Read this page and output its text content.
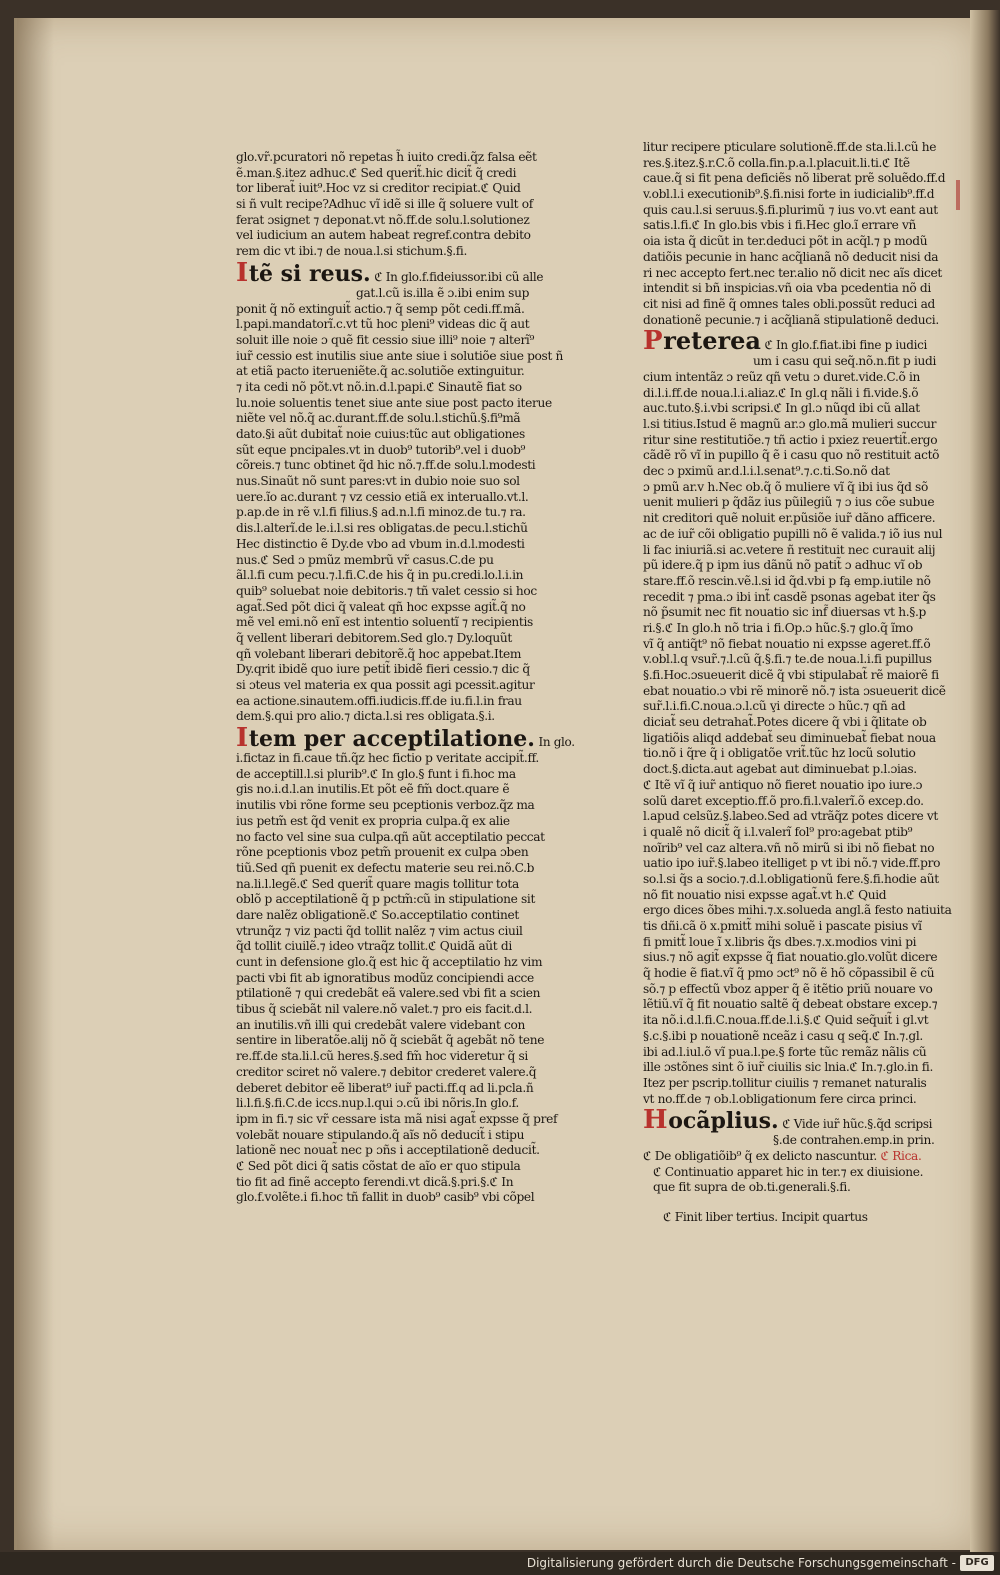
glo.vr̃.pcuratori nõ repetas h̃ iuito credi.q̃z falsa eẽt
ẽ.man.§.itez adhuc.ℭ Sed querit̃.hic dicit̃ q̃ credi
tor liberat̃ iuit⁹.Hoc vz si creditor recipiat.ℭ Quid
si ñ vult recipe?Adhuc vĩ idẽ si ille q̃ soluere vult of
ferat ɔsignet ⁊ deponat.vt nõ.ff.de solu.l.solutionez
vel iudicium an autem habeat regref.contra debito
rem dic vt ibi.⁊ de noua.l.si stichum.§.fi.
Itẽ si reus. ℭ In glo.f.fideiussor.ibi cũ alle
gat.l.cũ is.illa ẽ ɔ.ibi enim sup
ponit q̃ nõ extinguit̃ actio.⁊ q̃ semp põt cedi.ff.mã.
l.papi.mandatorı̃.c.vt tũ hoc pleni⁹ videas dic q̃ aut
soluit ille noie ɔ quẽ fit cessio siue illi⁹ noie ⁊ alterı̃⁹
iur̃ cessio est inutilis siue ante siue i solutiõe siue post ñ
at etiã pacto iterueniẽte.q̃ ac.solutiõe extinguitur.
⁊ ita cedi nõ põt.vt nõ.in.d.l.papi.ℭ Sinautẽ fiat so
lu.noie soluentis tenet siue ante siue post pacto iterue
niẽte vel nõ.q̃ ac.durant.ff.de solu.l.stichũ.§.fi⁹mã
dato.§i aũt dubitat̃ noie cuius:tũc aut obligationes
sũt eque pncipales.vt in duob⁹ tutorib⁹.vel i duob⁹
cõreis.⁊ tunc obtinet q̃d hic nõ.⁊.ff.de solu.l.modesti
nus.Sinaũt nõ sunt pares:vt in dubio noie suo sol
uere.ĩo ac.durant ⁊ vz cessio etiã ex interuallo.vt.l.
p.ap.de in rẽ v.l.fi filius.§ ad.n.l.fi minoz.de tu.⁊ ra.
dis.l.alterı̃.de le.i.l.si res obligatas.de pecu.l.stichũ
Hec distinctio ẽ Dy.de vbo ad vbum in.d.l.modesti
nus.ℭ Sed ɔ pmũz membrũ vr̃ casus.C.de pu
ãl.l.fi cum pecu.⁊.l.fi.C.de his q̃ in pu.credi.lo.l.i.in
quib⁹ soluebat noie debitoris.⁊ tñ valet cessio si hoc
agat̃.Sed põt dici q̃ valeat qñ hoc expsse agit̃.q̃ no
mẽ vel emi.nõ enĩ est intentio soluentĩ ⁊ recipientis
q̃ vellent liberari debitorem.Sed glo.⁊ Dy.loquũt
qñ volebant liberari debitorẽ.q̃ hoc appebat.Item
Dy.qrit ibidẽ quo iure petit̃ ibidẽ fieri cessio.⁊ dic q̃
si ɔteus vel materia ex qua possit agi pcessit.agitur
ea actione.sinautem.offi.iudicis.ff.de iu.fi.l.in frau
dem.§.qui pro alio.⁊ dicta.l.si res obligata.§.i.
Item per acceptilatione. In glo.
i.fictaz in fi.caue tñ.q̃z hec fictio p veritate accipit̃.ff.
de acceptill.l.si plurib⁹.ℭ In glo.§ funt i fi.hoc ma
gis no.i.d.l.an inutilis.Et põt eẽ fm̃ doct.quare ẽ
inutilis vbi rõne forme seu pceptionis verboz.q̃z ma
ius petm̃ est q̃d venit ex propria culpa.q̃ ex alie
no facto vel sine sua culpa.qñ aũt acceptilatio peccat
rõne pceptionis vboz petm̃ prouenit ex culpa ɔben
tiũ.Sed qñ puenit ex defectu materie seu rei.nõ.C.b
na.li.l.legẽ.ℭ Sed querit̃ quare magis tollitur tota
oblõ p acceptilationẽ q̃ p pctm̃:cũ in stipulatione sit
dare nalẽz obligationẽ.ℭ So.acceptilatio continet
vtrunq̃z ⁊ viz pacti q̃d tollit nalẽz ⁊ vim actus ciuil
q̃d tollit ciuilẽ.⁊ ideo vtraq̃z tollit.ℭ Quidã aũt di
cunt in defensione glo.q̃ est hic q̃ acceptilatio hz vim
pacti vbi fit ab ignoratibus modũz concipiendi acce
ptilationẽ ⁊ qui credebãt eã valere.sed vbi fit a scien
tibus q̃ sciebãt nil valere.nõ valet.⁊ pro eis facit.d.l.
an inutilis.vñ illi qui credebãt valere videbant con
sentire in liberatõe.alij nõ q̃ sciebãt q̃ agebãt nõ tene
re.ff.de sta.li.l.cũ heres.§.sed fm̃ hoc videretur q̃ si
creditor sciret nõ valere.⁊ debitor crederet valere.q̃
deberet debitor eẽ liberat⁹ iur̃ pacti.ff.q ad li.pcla.ñ
li.l.fi.§.fi.C.de iccs.nup.l.qui ɔ.cũ ibi nõris.In glo.f.
ipm in fi.⁊ sic vr̃ cessare ista mã nisi agat̃ expsse q̃ pref
volebãt nouare stipulando.q̃ aĩs nõ deducit̃ i stipu
lationẽ nec nouat̃ nec p ɔñs i acceptilationẽ deducit̃.
ℭ Sed põt dici q̃ satis cõstat de aĩo er quo stipula
tio fit ad finẽ accepto ferendi.vt dicã.§.pri.§.ℭ In
glo.f.volẽte.i fi.hoc tñ fallit in duob⁹ casib⁹ vbi cõpel
litur recipere pticulare solutionẽ.ff.de sta.li.l.cũ he
res.§.itez.§.r.C.õ colla.fin.p.a.l.placuit.li.ti.ℭ Itẽ
caue.q̃ si fit pena deficiẽs nõ liberat prẽ soluẽdo.ff.d
v.obl.l.i executionib⁹.§.fi.nisi forte in iudicialib⁹.ff.d
quis cau.l.si seruus.§.fi.plurimũ ⁊ ius vo.vt eant aut
satis.l.fi.ℭ In glo.bis vbis i fi.Hec glo.ĩ errare vñ
oia ista q̃ dicũt in ter.deduci põt in acq̃l.⁊ p modũ
datiõis pecunie in hanc acq̃lianã nõ deducit nisi da
ri nec accepto fert.nec ter.alio nõ dicit nec aĩs dicet
intendit si bñ inspicias.vñ oia vba pcedentia nõ di
cit nisi ad finẽ q̃ omnes tales obli.possũt reduci ad
donationẽ pecunie.⁊ i acq̃lianã stipulationẽ deduci.
Preterea ℭ In glo.f.fiat.ibi fine p iudici
um i casu qui seq̃.nõ.n.fit p iudi
cium intentãz ɔ reũz qñ vetu ɔ duret.vide.C.õ in
di.l.i.ff.de noua.l.i.aliaz.ℭ In gl.q nãli i fi.vide.§.õ
auc.tuto.§.i.vbi scripsi.ℭ In gl.ɔ nũqd ibi cũ allat
l.si titius.Istud ẽ magnũ ar.ɔ glo.mã mulieri succur
ritur sine restitutiõe.⁊ tñ actio i pxiez reuertit̃.ergo
cãdẽ rõ vĩ in pupillo q̃ ẽ i casu quo nõ restituit actõ
dec ɔ pximũ ar.d.l.i.l.senat⁹.⁊.c.ti.So.nõ dat
ɔ pmũ ar.v h.Nec ob.q̃ õ muliere vĩ q̃ ibi ius q̃d sõ
uenit mulieri p q̃dãz ius pũilegiũ ⁊ ɔ ius cõe subue
nit creditori quẽ noluit er.pũsiõe iur̃ dãno afficere.
ac de iur̃ cõi obligatio pupilli nõ ẽ valida.⁊ iõ ius nul
li fac iniuriã.si ac.vetere ñ restituit nec curauit alij
pũ idere.q̃ p ipm ius dãnũ nõ patit̃ ɔ adhuc vĩ ob
stare.ff.õ rescin.vẽ.l.si id q̃d.vbi p fa̧ emp.iutile nõ
recedit ⁊ pma.ɔ ibi int̃ casdẽ psonas agebat iter q̃s
nõ p̃sumit nec fit nouatio sic inf̃ diuersas vt h.§.p
ri.§.ℭ In glo.h nõ tria i fi.Op.ɔ hũc.§.⁊ glo.q̃ ĩmo
vĩ q̃ antiq̃t⁹ nõ fiebat nouatio ni expsse ageret.ff.õ
v.obl.l.q vsur̃.⁊.l.cũ q̃.§.fi.⁊ te.de noua.l.i.fi pupillus
§.fi.Hoc.ɔsueuerit dicẽ q̃ vbi stipulabat̃ rẽ maiorẽ fi
ebat nouatio.ɔ vbi rẽ minorẽ nõ.⁊ ista ɔsueuerit dicẽ
sur̃.l.i.fi.C.noua.ɔ.l.cũ v̧i directe ɔ hũc.⁊ qñ ad
diciat̃ seu detrahat̃.Potes dicere q̃ vbi i q̃litate ob
ligatiõis aliqd addebat̃ seu diminuebat̃ fiebat noua
tio.nõ i q̃re q̃ i obligatõe vrit̃.tũc hz locũ solutio
doct.§.dicta.aut agebat aut diminuebat p.l.ɔias.
ℭ Itẽ vĩ q̃ iur̃ antiquo nõ fieret nouatio ipo iure.ɔ
solũ daret exceptio.ff.õ pro.fi.l.valerı̃.õ excep.do.
l.apud celsũz.§.labeo.Sed ad vtrãq̃z potes dicere vt
i qualẽ nõ dicit̃ q̃ i.l.valerı̃ fol⁹ pro:agebat ptib⁹
noĩrib⁹ vel caz altera.vñ nõ mirũ si ibi nõ fiebat no
uatio ipo iur̃.§.labeo itelliget p vt ibi nõ.⁊ vide.ff.pro
so.l.si q̃s a socio.⁊.d.l.obligationũ fere.§.fi.hodie aũt
nõ fit nouatio nisi expsse agat̃.vt h.ℭ Quid
ergo dices õbes mihi.⁊.x.solueda angl.ã festo natiuita
tis dñi.cã ö x.pmitt̃ mihi soluẽ i pascate pisius vĩ
fi pmitt̃ loue ĩ x.libris q̃s dbes.⁊.x.modios vini pi
sius.⁊ nõ agit̃ expsse q̃ fiat nouatio.glo.volũt dicere
q̃ hodie ẽ fiat.vĩ q̃ pmo ɔct⁹ nõ ẽ hõ cõpassibil ẽ cũ
sõ.⁊ p effectũ vboz apper q̃ ẽ itẽtio priũ nouare vo
lẽtiũ.vĩ q̃ fit nouatio saltẽ q̃ debeat obstare excep.⁊
ita nõ.i.d.l.fi.C.noua.ff.de.l.i.§.ℭ Quid seq̃uit̃ i gl.vt
§.c.§.ibi p nouationẽ nceãz i casu q seq̃.ℭ In.⁊.gl.
ibi ad.l.iul.õ vĩ pua.l.pe.§ forte tũc remãz nãlis cũ
ille ɔstõnes sint õ iur̃ ciuilis sic lnia.ℭ In.⁊.glo.in fi.
Itez per pscrip.tollitur ciuilis ⁊ remanet naturalis
vt no.ff.de ⁊ ob.l.obligationum fere circa princi.
Hocãplius. ℭ Vide iur̃ hũc.§.q̃d scripsi
§.de contrahen.emp.in prin.
ℭ De obligatiõib⁹ q̃ ex delicto nascuntur. ℭ Rica.
ℭ Continuatio apparet hic in ter.⁊ ex diuisione.
que fit supra de ob.ti.generali.§.fi.
ℭ Finit liber tertius. Incipit quartus
Digitalisierung gefördert durch die Deutsche Forschungsgemeinschaft - DFG
